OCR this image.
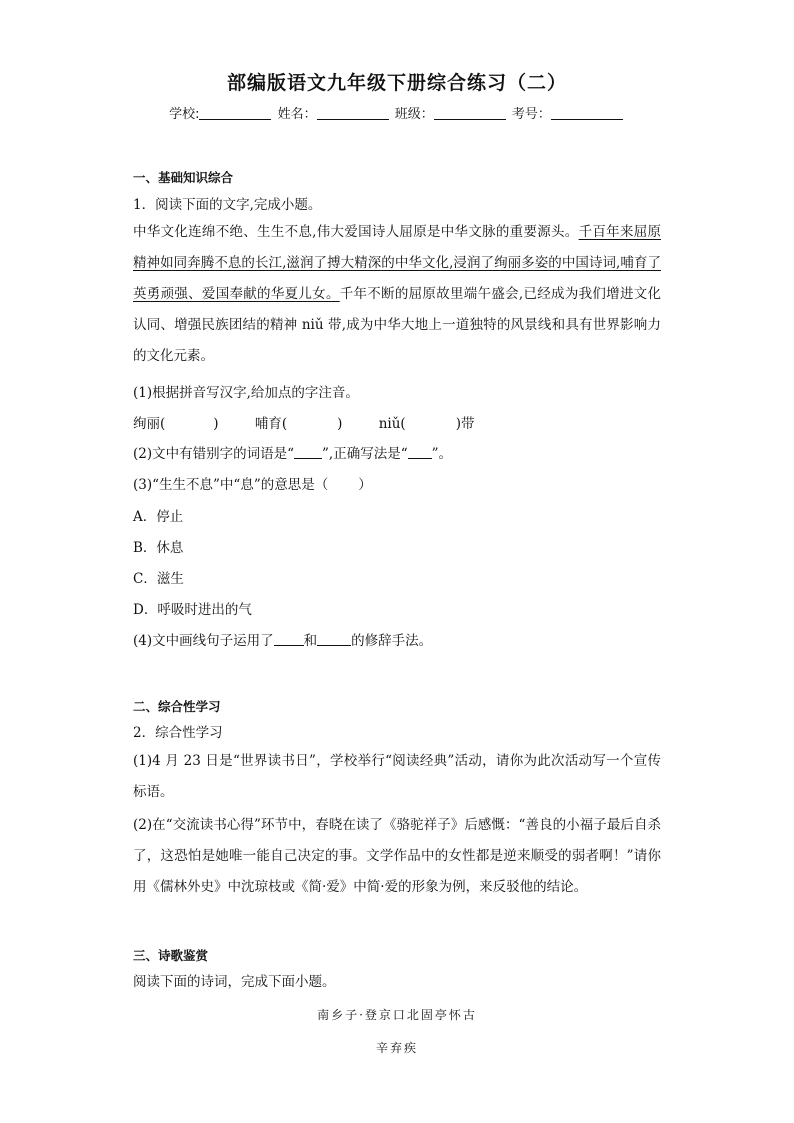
部编版语文九年级下册综合练习（二）
学校:	姓名：	班级：	考号：
一、基础知识综合
1．阅读下面的文字,完成小题。
中华文化连绵不绝、生生不息,伟大爱国诗人屈原是中华文脉的重要源头。千百年来屈原精神如同奔腾不息的长江,滋润了搏大精深的中华文化,浸润了绚丽多姿的中国诗词,哺育了英勇顽强、爱国奉献的华夏儿女。千年不断的屈原故里端午盛会,已经成为我们增进文化认同、增强民族团结的精神 niǔ 带,成为中华大地上一道独特的风景线和具有世界影响力的文化元素。
(1)根据拼音写汉字,给加点的字注音。
绚丽(	)	哺育(	)	niǔ(	)带
(2)文中有错别字的词语是“ ”,正确写法是“ ”。
(3)“生生不息”中“息”的意思是（ ）
A．停止
B．休息
C．滋生
D．呼吸时进出的气
(4)文中画线句子运用了 和	的修辞手法。
二、综合性学习
2．综合性学习
(1)4 月 23 日是“世界读书日”，学校举行“阅读经典”活动，请你为此次活动写一个宣传标语。
(2)在“交流读书心得”环节中，春晓在读了《骆驼祥子》后感慨：“善良的小福子最后自杀了，这恐怕是她唯一能自己决定的事。文学作品中的女性都是逆来顺受的弱者啊！”请你用《儒林外史》中沈琼枝或《简·爱》中简·爱的形象为例，来反驳他的结论。
三、诗歌鉴赏
阅读下面的诗词，完成下面小题。
南乡子·登京口北固亭怀古
辛弃疾
